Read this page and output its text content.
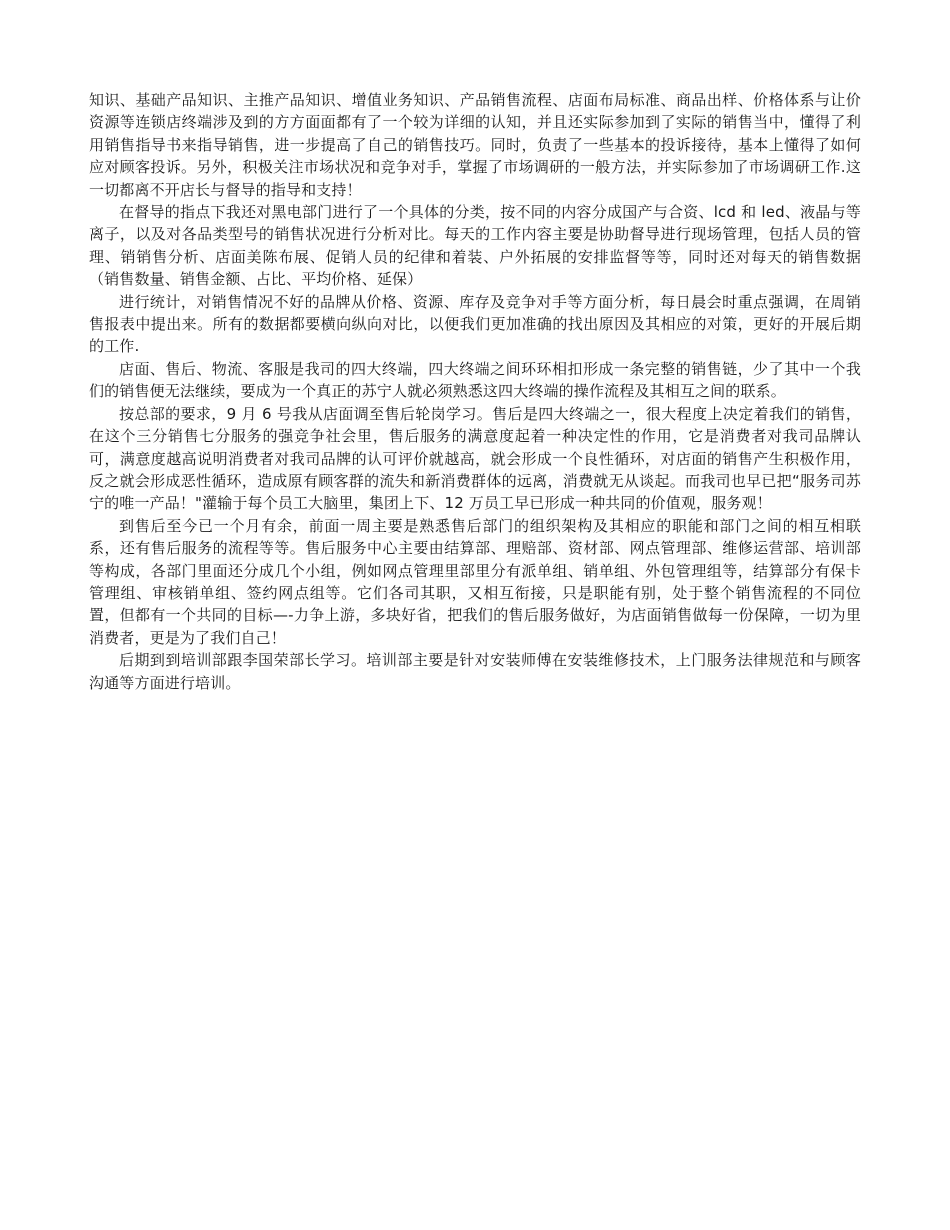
知识、基础产品知识、主推产品知识、增值业务知识、产品销售流程、店面布局标准、商品出样、价格体系与让价资源等连锁店终端涉及到的方方面面都有了一个较为详细的认知，并且还实际参加到了实际的销售当中，懂得了利用销售指导书来指导销售，进一步提高了自己的销售技巧。同时，负责了一些基本的投诉接待，基本上懂得了如何应对顾客投诉。另外，积极关注市场状况和竞争对手，掌握了市场调研的一般方法，并实际参加了市场调研工作.这一切都离不开店长与督导的指导和支持！

在督导的指点下我还对黑电部门进行了一个具体的分类，按不同的内容分成国产与合资、lcd 和 led、液晶与等离子，以及对各品类型号的销售状况进行分析对比。每天的工作内容主要是协助督导进行现场管理，包括人员的管理、销销售分析、店面美陈布展、促销人员的纪律和着装、户外拓展的安排监督等等，同时还对每天的销售数据（销售数量、销售金额、占比、平均价格、延保）

进行统计，对销售情况不好的品牌从价格、资源、库存及竞争对手等方面分析，每日晨会时重点强调，在周销售报表中提出来。所有的数据都要横向纵向对比，以便我们更加准确的找出原因及其相应的对策，更好的开展后期的工作.

店面、售后、物流、客服是我司的四大终端，四大终端之间环环相扣形成一条完整的销售链，少了其中一个我们的销售便无法继续，要成为一个真正的苏宁人就必须熟悉这四大终端的操作流程及其相互之间的联系。

按总部的要求，9 月 6 号我从店面调至售后轮岗学习。售后是四大终端之一，很大程度上决定着我们的销售，在这个三分销售七分服务的强竞争社会里，售后服务的满意度起着一种决定性的作用，它是消费者对我司品牌认可，满意度越高说明消费者对我司品牌的认可评价就越高，就会形成一个良性循环，对店面的销售产生积极作用，反之就会形成恶性循环，造成原有顾客群的流失和新消费群体的远离，消费就无从谈起。而我司也早已把“服务司苏宁的唯一产品！"灌输于每个员工大脑里，集团上下、12 万员工早已形成一种共同的价值观，服务观！

到售后至今已一个月有余，前面一周主要是熟悉售后部门的组织架构及其相应的职能和部门之间的相互相联系，还有售后服务的流程等等。售后服务中心主要由结算部、理赔部、资材部、网点管理部、维修运营部、培训部等构成，各部门里面还分成几个小组，例如网点管理里部里分有派单组、销单组、外包管理组等，结算部分有保卡管理组、审核销单组、签约网点组等。它们各司其职，又相互衔接，只是职能有别，处于整个销售流程的不同位置，但都有一个共同的目标—-力争上游，多块好省，把我们的售后服务做好，为店面销售做每一份保障，一切为里消费者，更是为了我们自己！

后期到到培训部跟李国荣部长学习。培训部主要是针对安装师傅在安装维修技术，上门服务法律规范和与顾客沟通等方面进行培训。
